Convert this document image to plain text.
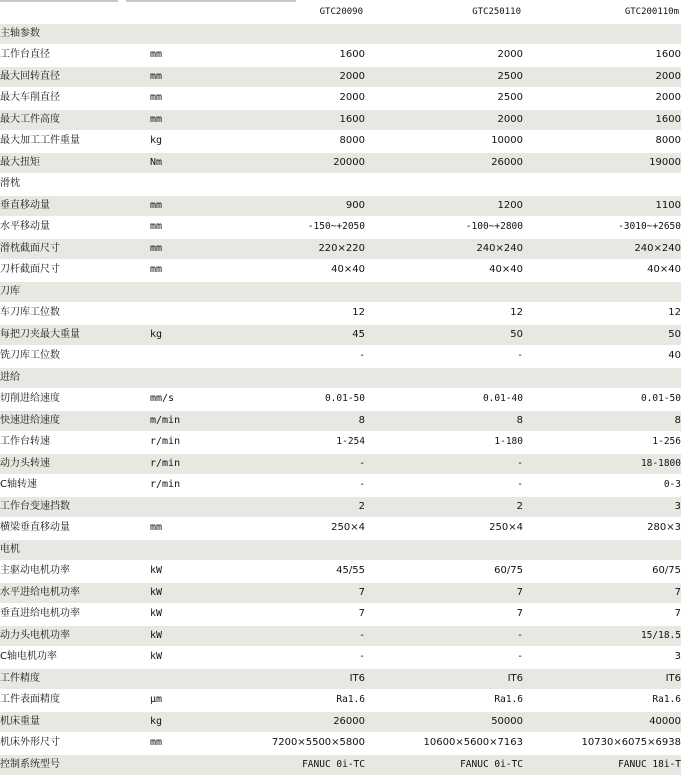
		GTC20090	GTC250110	GTC200110m
主轴参数				
工作台直径	mm	1600	2000	1600
最大回转直径	mm	2000	2500	2000
最大车削直径	mm	2000	2500	2000
最大工件高度	mm	1600	2000	1600
最大加工工件重量	kg	8000	10000	8000
最大扭矩	Nm	20000	26000	19000
滑枕				
垂直移动量	mm	900	1200	1100
水平移动量	mm	-150~+2050	-100~+2800	-3010~+2650
滑枕截面尺寸	mm	220×220	240×240	240×240
刀杆截面尺寸	mm	40×40	40×40	40×40
刀库				
车刀库工位数		12	12	12
每把刀夹最大重量	kg	45	50	50
铣刀库工位数		-	-	40
进给				
切削进给速度	mm/s	0.01-50	0.01-40	0.01-50
快速进给速度	m/min	8	8	8
工作台转速	r/min	1-254	1-180	1-256
动力头转速	r/min	-	-	18-1800
C轴转速	r/min	-	-	0-3
工作台变速挡数		2	2	3
横梁垂直移动量	mm	250×4	250×4	280×3
电机				
主驱动电机功率	kW	45/55	60/75	60/75
水平进给电机功率	kW	7	7	7
垂直进给电机功率	kW	7	7	7
动力头电机功率	kW	-	-	15/18.5
C轴电机功率	kW	-	-	3
工件精度		IT6	IT6	IT6
工件表面精度	μm	Ra1.6	Ra1.6	Ra1.6
机床重量	kg	26000	50000	40000
机床外形尺寸	mm	7200×5500×5800	10600×5600×7163	10730×6075×6938
控制系统型号		FANUC 0i-TC	FANUC 0i-TC	FANUC 18i-T
